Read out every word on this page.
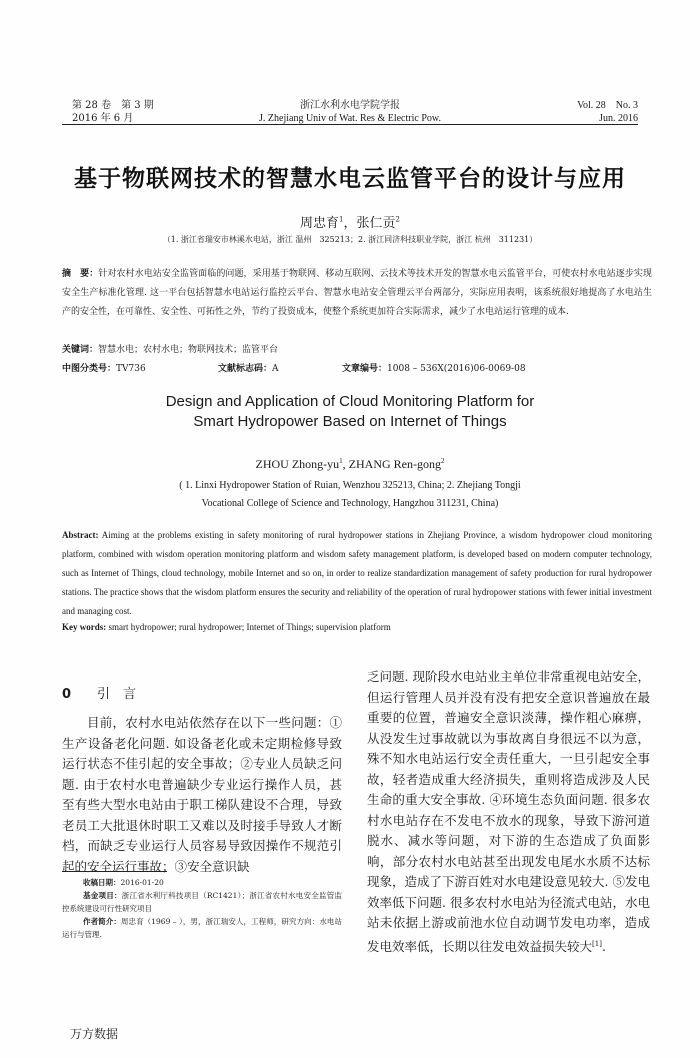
第 28 卷　第 3 期
2016 年 6 月
浙江水利水电学院学报
J. Zhejiang Univ of Wat. Res & Electric Pow.
Vol. 28　No. 3
Jun. 2016
基于物联网技术的智慧水电云监管平台的设计与应用
周忠育$^1$，张仁贡$^2$
（1. 浙江省瑞安市林溪水电站，浙江 温州　325213；2. 浙江同济科技职业学院，浙江 杭州　311231）
摘　要：针对农村水电站安全监管面临的问题，采用基于物联网、移动互联网、云技术等技术开发的智慧水电云监管平台，可使农村水电站逐步实现安全生产标准化管理. 这一平台包括智慧水电站运行监控云平台、智慧水电站安全管理云平台两部分，实际应用表明，该系统很好地提高了水电站生产的安全性，在可靠性、安全性、可拓性之外，节约了投资成本，使整个系统更加符合实际需求，减少了水电站运行管理的成本.
关键词：智慧水电；农村水电；物联网技术；监管平台
中图分类号：TV736	文献标志码：A	文章编号：1008 – 536X(2016)06-0069-08
Design and Application of Cloud Monitoring Platform for
Smart Hydropower Based on Internet of Things
ZHOU Zhong-$yu^1$, ZHANG Ren-gong$^2$
( 1. Linxi Hydropower Station of Ruian, Wenzhou 325213, China; 2. Zhejiang Tongji
Vocational College of Science and Technology, Hangzhou 311231, China)
Abstract: Aiming at the problems existing in safety monitoring of rural hydropower stations in Zhejiang Province, a wisdom hydropower cloud monitoring platform, combined with wisdom operation monitoring platform and wisdom safety management platform, is developed based on modern computer technology, such as Internet of Things, cloud technology, mobile Internet and so on, in order to realize standardization management of safety production for rural hydropower stations. The practice shows that the wisdom platform ensures the security and reliability of the operation of rural hydropower stations with fewer initial investment and managing cost.
Key words: smart hydropower; rural hydropower; Internet of Things; supervision platform
0 引　言
目前，农村水电站依然存在以下一些问题：①生产设备老化问题. 如设备老化或未定期检修导致运行状态不佳引起的安全事故；②专业人员缺乏问题. 由于农村水电普遍缺少专业运行操作人员，甚至有些大型水电站由于职工梯队建设不合理，导致老员工大批退休时职工又难以及时接手导致人才断档，而缺乏专业运行人员容易导致因操作不规范引起的安全运行事故；③安全意识缺
乏问题. 现阶段水电站业主单位非常重视电站安全，但运行管理人员并没有没有把安全意识普遍放在最重要的位置，普遍安全意识淡薄，操作粗心麻痹，从没发生过事故就以为事故离自身很远不以为意，殊不知水电站运行安全责任重大，一旦引起安全事故，轻者造成重大经济损失，重则将造成涉及人民生命的重大安全事故. ④环境生态负面问题. 很多农村水电站存在不发电不放水的现象，导致下游河道脱水、减水等问题，对下游的生态造成了负面影响，部分农村水电站甚至出现发电尾水水质不达标现象，造成了下游百姓对水电建设意见较大. ⑤发电效率低下问题. 很多农村水电站为径流式电站，水电站未依据上游或前池水位自动调节发电功率，造成发电效率低，长期以往发电效益损失较大[1].
收稿日期：2016-01-20
基金项目：浙江省水利厅科技项目（RC1421）；浙江省农村水电安全监管监控系统建设可行性研究项目
作者简介：周忠育（1969 – ），男，浙江瑞安人，工程师，研究方向：水电站运行与管理.
万方数据
